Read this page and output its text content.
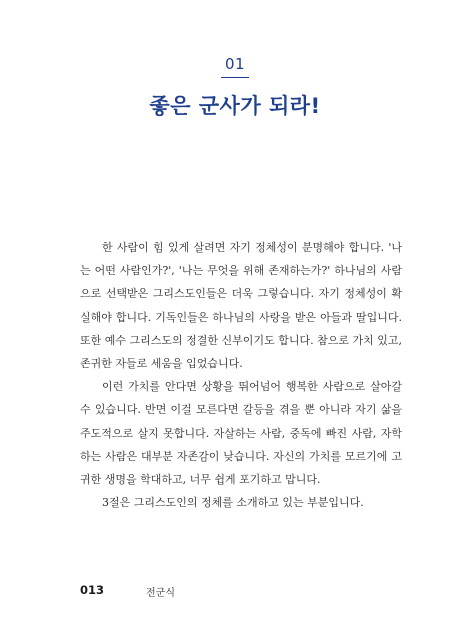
01
좋은 군사가 되라!

한 사람이 힘 있게 살려면 자기 정체성이 분명해야 합니다. '나는 어떤 사람인가?', '나는 무엇을 위해 존재하는가?' 하나님의 사람으로 선택받은 그리스도인들은 더욱 그렇습니다. 자기 정체성이 확실해야 합니다. 기독인들은 하나님의 사랑을 받은 아들과 딸입니다. 또한 예수 그리스도의 정결한 신부이기도 합니다. 참으로 가치 있고, 존귀한 자들로 세움을 입었습니다.

이런 가치를 안다면 상황을 뛰어넘어 행복한 사람으로 살아갈 수 있습니다. 반면 이걸 모른다면 갈등을 겪을 뿐 아니라 자기 삶을 주도적으로 살지 못합니다. 자살하는 사람, 중독에 빠진 사람, 자학하는 사람은 대부분 자존감이 낮습니다. 자신의 가치를 모르기에 고귀한 생명을 학대하고, 너무 쉽게 포기하고 맙니다.

3절은 그리스도인의 정체를 소개하고 있는 부분입니다.

013	전군식
